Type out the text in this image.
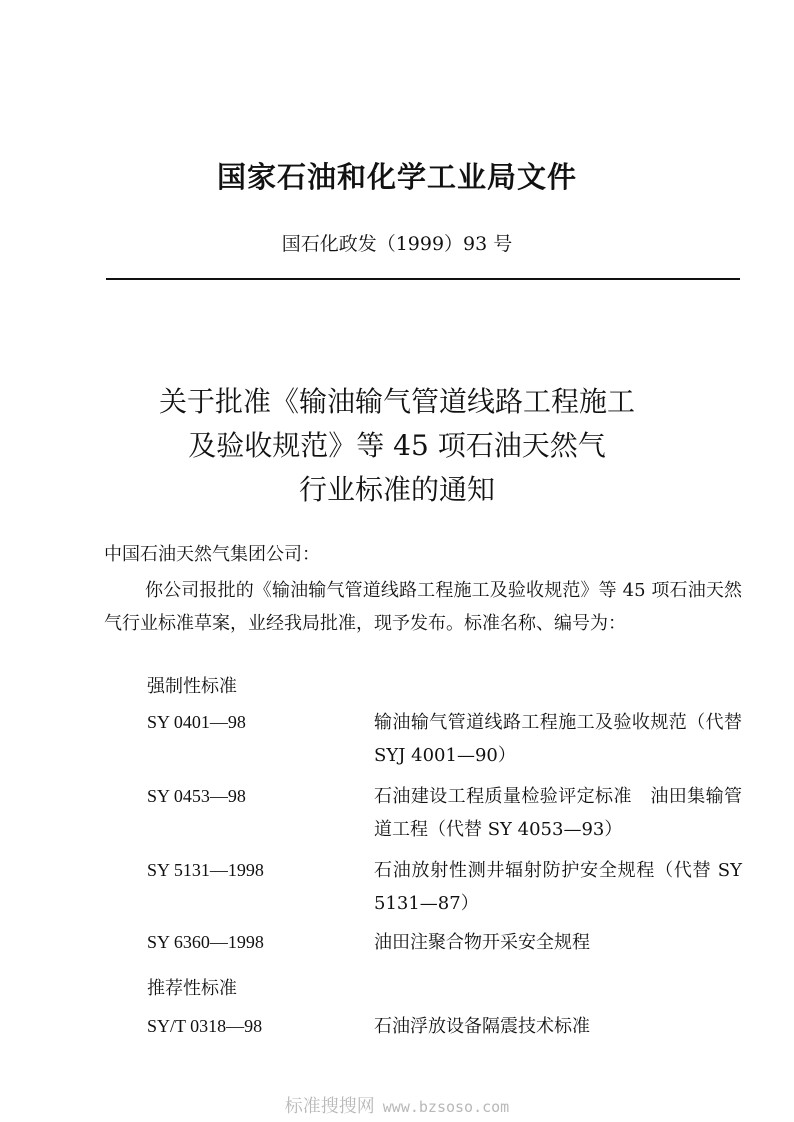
国家石油和化学工业局文件
国石化政发（1999）93 号
关于批准《输油输气管道线路工程施工
及验收规范》等 45 项石油天然气
行业标准的通知
中国石油天然气集团公司：
你公司报批的《输油输气管道线路工程施工及验收规范》等 45 项石油天然气行业标准草案，业经我局批准，现予发布。标准名称、编号为：
强制性标准
SY 0401—98	输油输气管道线路工程施工及验收规范（代替 SYJ 4001—90）
SY 0453—98	石油建设工程质量检验评定标准　油田集输管道工程（代替 SY 4053—93）
SY 5131—1998	石油放射性测井辐射防护安全规程（代替 SY 5131—87）
SY 6360—1998	油田注聚合物开采安全规程
推荐性标准
SY/T 0318—98	石油浮放设备隔震技术标准
标准搜搜网 www.bzsoso.com
